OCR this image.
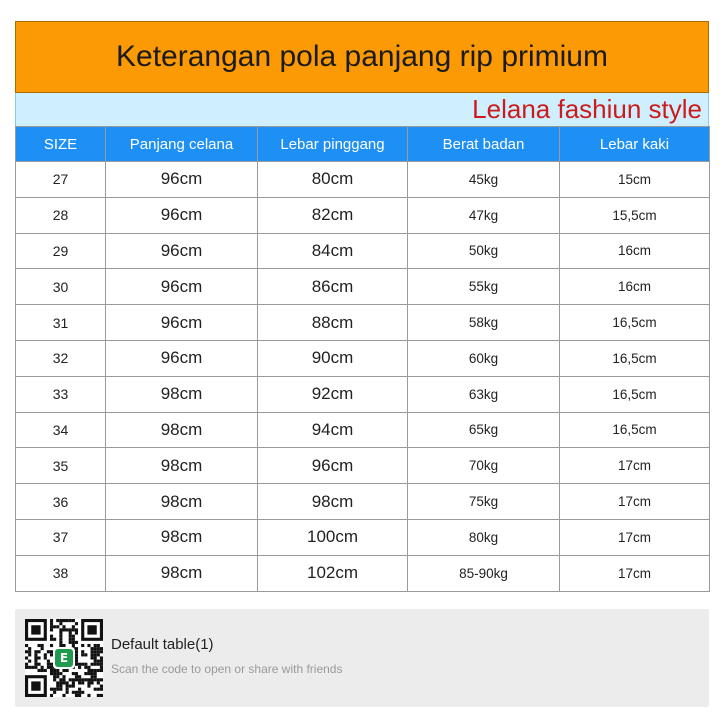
Keterangan pola panjang rip primium
Lelana fashiun style
SIZE	Panjang celana	Lebar pinggang	Berat badan	Lebar kaki
27	96cm	80cm	45kg	15cm
28	96cm	82cm	47kg	15,5cm
29	96cm	84cm	50kg	16cm
30	96cm	86cm	55kg	16cm
31	96cm	88cm	58kg	16,5cm
32	96cm	90cm	60kg	16,5cm
33	98cm	92cm	63kg	16,5cm
34	98cm	94cm	65kg	16,5cm
35	98cm	96cm	70kg	17cm
36	98cm	98cm	75kg	17cm
37	98cm	100cm	80kg	17cm
38	98cm	102cm	85-90kg	17cm
E
Default table(1)
Scan the code to open or share with friends
